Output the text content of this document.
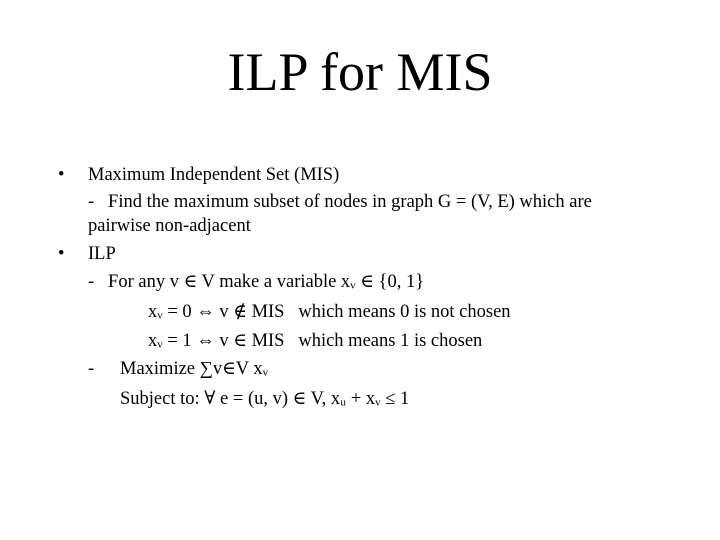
ILP for MIS
• Maximum Independent Set (MIS)
-   Find the maximum subset of nodes in graph G = (V, E) which are
pairwise non-adjacent
• ILP
-   For any v ∈ V make a variable xᵥ ∈ {0, 1}
xᵥ = 0 ⇔ v ∉ MIS   which means 0 is not chosen
xᵥ = 1 ⇔ v ∈ MIS   which means 1 is chosen
- Maximize ∑v∈V xᵥ
Subject to: ∀ e = (u, v) ∈ V, xᵤ + xᵥ ≤ 1
